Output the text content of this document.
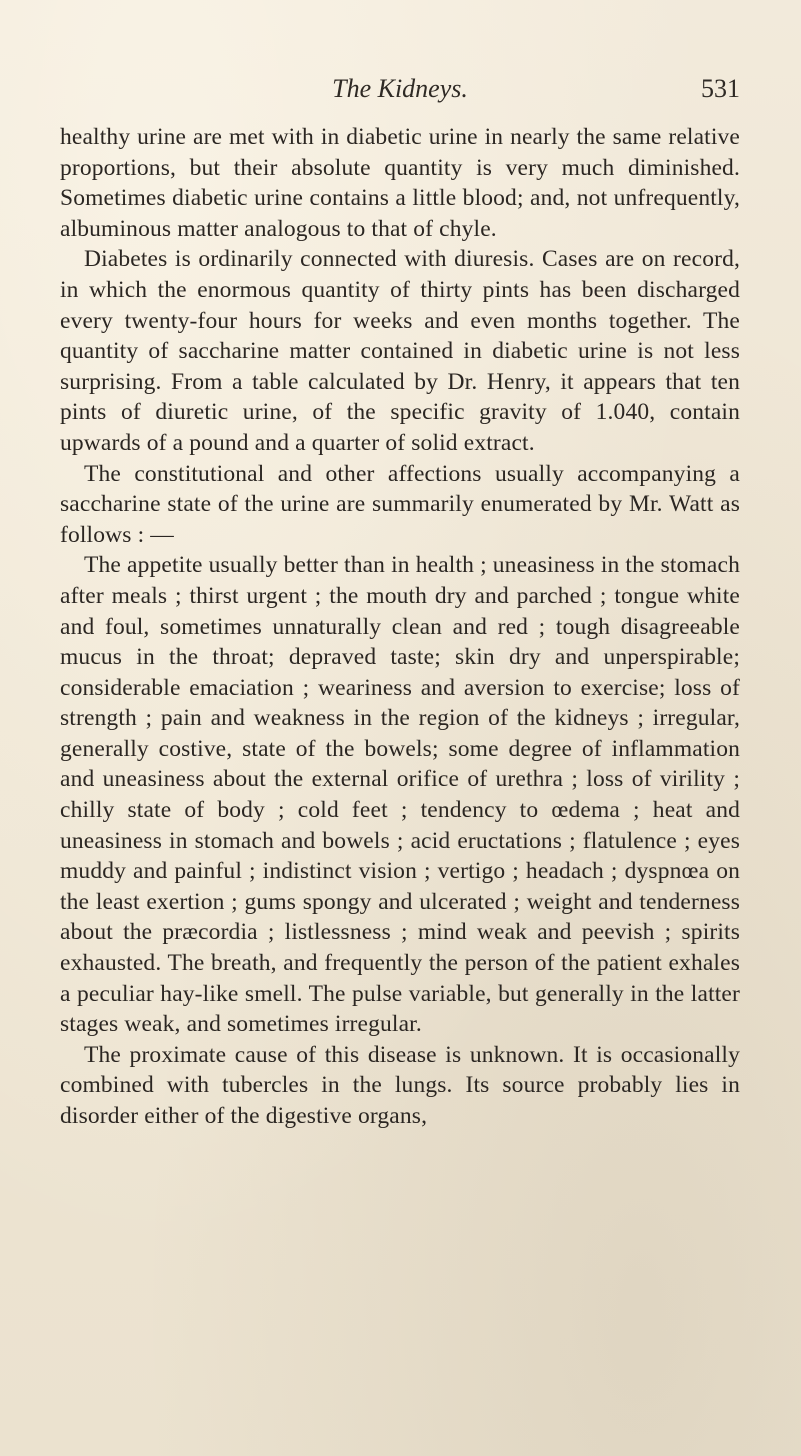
The Kidneys.	531

healthy urine are met with in diabetic urine in nearly the same relative proportions, but their absolute quantity is very much diminished. Sometimes diabetic urine contains a little blood; and, not unfrequently, albuminous matter analogous to that of chyle.

Diabetes is ordinarily connected with diuresis. Cases are on record, in which the enormous quantity of thirty pints has been discharged every twenty-four hours for weeks and even months together. The quantity of saccharine matter contained in diabetic urine is not less surprising. From a table calculated by Dr. Henry, it appears that ten pints of diuretic urine, of the specific gravity of 1.040, contain upwards of a pound and a quarter of solid extract.

The constitutional and other affections usually accompanying a saccharine state of the urine are summarily enumerated by Mr. Watt as follows : —

The appetite usually better than in health ; uneasiness in the stomach after meals ; thirst urgent ; the mouth dry and parched ; tongue white and foul, sometimes unnaturally clean and red ; tough disagreeable mucus in the throat; depraved taste; skin dry and unperspirable; considerable emaciation ; weariness and aversion to exercise; loss of strength ; pain and weakness in the region of the kidneys ; irregular, generally costive, state of the bowels; some degree of inflammation and uneasiness about the external orifice of urethra ; loss of virility ; chilly state of body ; cold feet ; tendency to œdema ; heat and uneasiness in stomach and bowels ; acid eructations ; flatulence ; eyes muddy and painful ; indistinct vision ; vertigo ; headach ; dyspnœa on the least exertion ; gums spongy and ulcerated ; weight and tenderness about the præcordia ; listlessness ; mind weak and peevish ; spirits exhausted. The breath, and frequently the person of the patient exhales a peculiar hay-like smell. The pulse variable, but generally in the latter stages weak, and sometimes irregular.

The proximate cause of this disease is unknown. It is occasionally combined with tubercles in the lungs. Its source probably lies in disorder either of the digestive organs,
